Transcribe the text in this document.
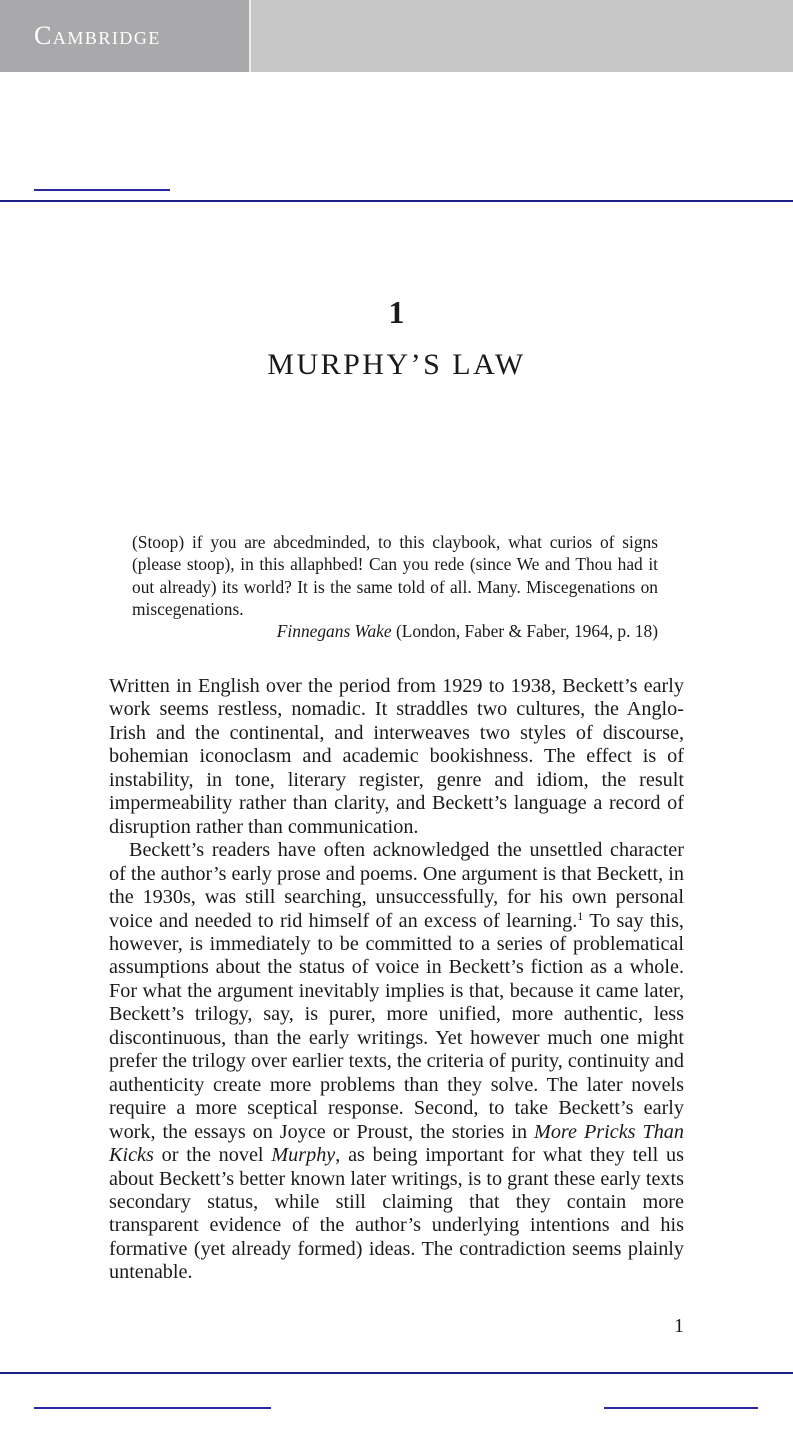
Cambridge
1
MURPHY’S LAW

(Stoop) if you are abcedminded, to this claybook, what curios of signs (please stoop), in this allaphbed! Can you rede (since We and Thou had it out already) its world? It is the same told of all. Many. Miscegenations on miscegenations.

Finnegans Wake (London, Faber & Faber, 1964, p. 18)

Written in English over the period from 1929 to 1938, Beckett’s early work seems restless, nomadic. It straddles two cultures, the Anglo-Irish and the continental, and interweaves two styles of discourse, bohemian iconoclasm and academic bookishness. The effect is of instability, in tone, literary register, genre and idiom, the result impermeability rather than clarity, and Beckett’s language a record of disruption rather than communication.

Beckett’s readers have often acknowledged the unsettled character of the author’s early prose and poems. One argument is that Beckett, in the 1930s, was still searching, unsuccessfully, for his own personal voice and needed to rid himself of an excess of learning.$^1$ To say this, however, is immediately to be committed to a series of problematical assumptions about the status of voice in Beckett’s fiction as a whole. For what the argument inevitably implies is that, because it came later, Beckett’s trilogy, say, is purer, more unified, more authentic, less discontinuous, than the early writings. Yet however much one might prefer the trilogy over earlier texts, the criteria of purity, continuity and authenticity create more problems than they solve. The later novels require a more sceptical response. Second, to take Beckett’s early work, the essays on Joyce or Proust, the stories in More Pricks Than Kicks or the novel Murphy, as being important for what they tell us about Beckett’s better known later writings, is to grant these early texts secondary status, while still claiming that they contain more transparent evidence of the author’s underlying intentions and his formative (yet already formed) ideas. The contradiction seems plainly untenable.

1
